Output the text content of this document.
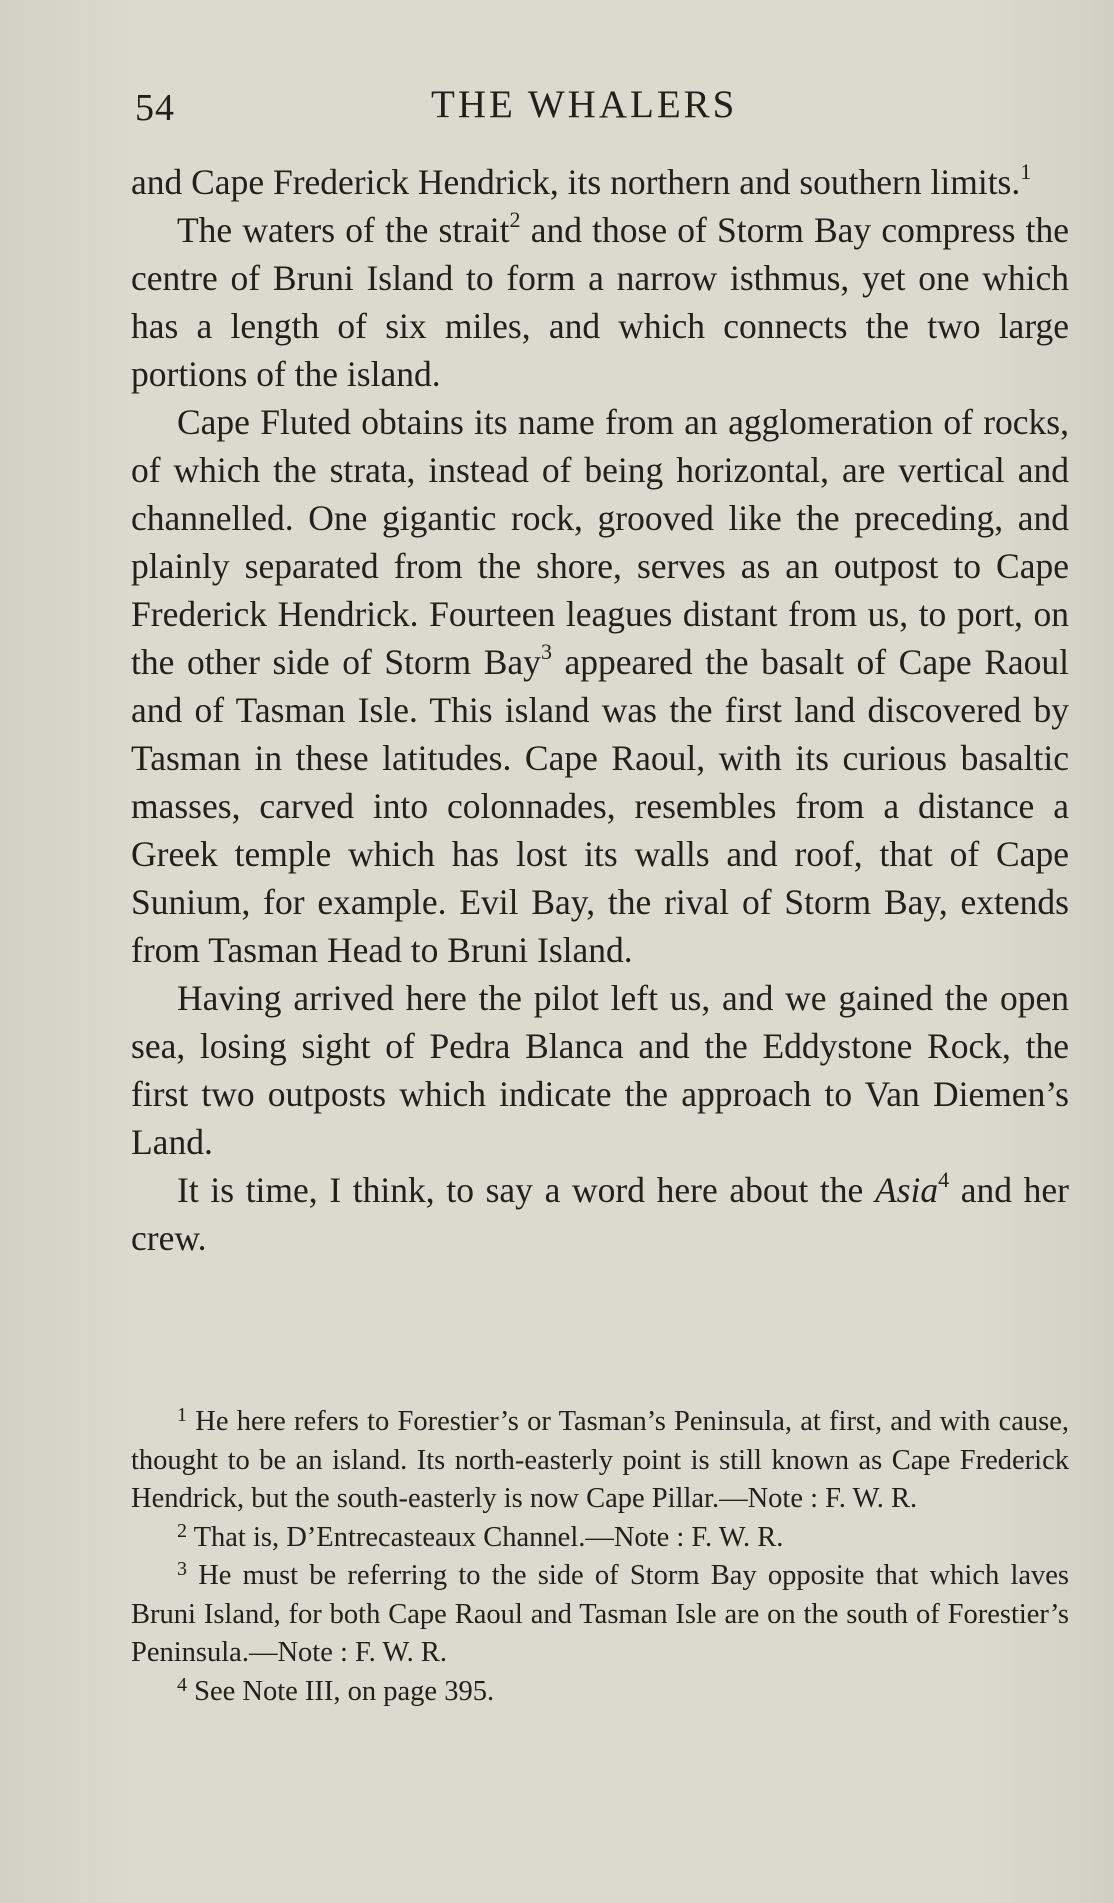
54	THE WHALERS

and Cape Frederick Hendrick, its northern and southern limits.$^1$

The waters of the strait$^2$ and those of Storm Bay compress the centre of Bruni Island to form a narrow isthmus, yet one which has a length of six miles, and which connects the two large portions of the island.

Cape Fluted obtains its name from an agglomeration of rocks, of which the strata, instead of being horizontal, are vertical and channelled. One gigantic rock, grooved like the preceding, and plainly separated from the shore, serves as an outpost to Cape Frederick Hendrick. Fourteen leagues distant from us, to port, on the other side of Storm Bay$^3$ appeared the basalt of Cape Raoul and of Tasman Isle. This island was the first land discovered by Tasman in these latitudes. Cape Raoul, with its curious basaltic masses, carved into colonnades, resembles from a distance a Greek temple which has lost its walls and roof, that of Cape Sunium, for example. Evil Bay, the rival of Storm Bay, extends from Tasman Head to Bruni Island.

Having arrived here the pilot left us, and we gained the open sea, losing sight of Pedra Blanca and the Eddystone Rock, the first two outposts which indicate the approach to Van Diemen’s Land.

It is time, I think, to say a word here about the Asia$^4$ and her crew.

$^1$ He here refers to Forestier’s or Tasman’s Peninsula, at first, and with cause, thought to be an island. Its north-easterly point is still known as Cape Frederick Hendrick, but the south-easterly is now Cape Pillar.—Note : F. W. R.

$^2$ That is, D’Entrecasteaux Channel.—Note : F. W. R.

$^3$ He must be referring to the side of Storm Bay opposite that which laves Bruni Island, for both Cape Raoul and Tasman Isle are on the south of Forestier’s Peninsula.—Note : F. W. R.

$^4$ See Note III, on page 395.
